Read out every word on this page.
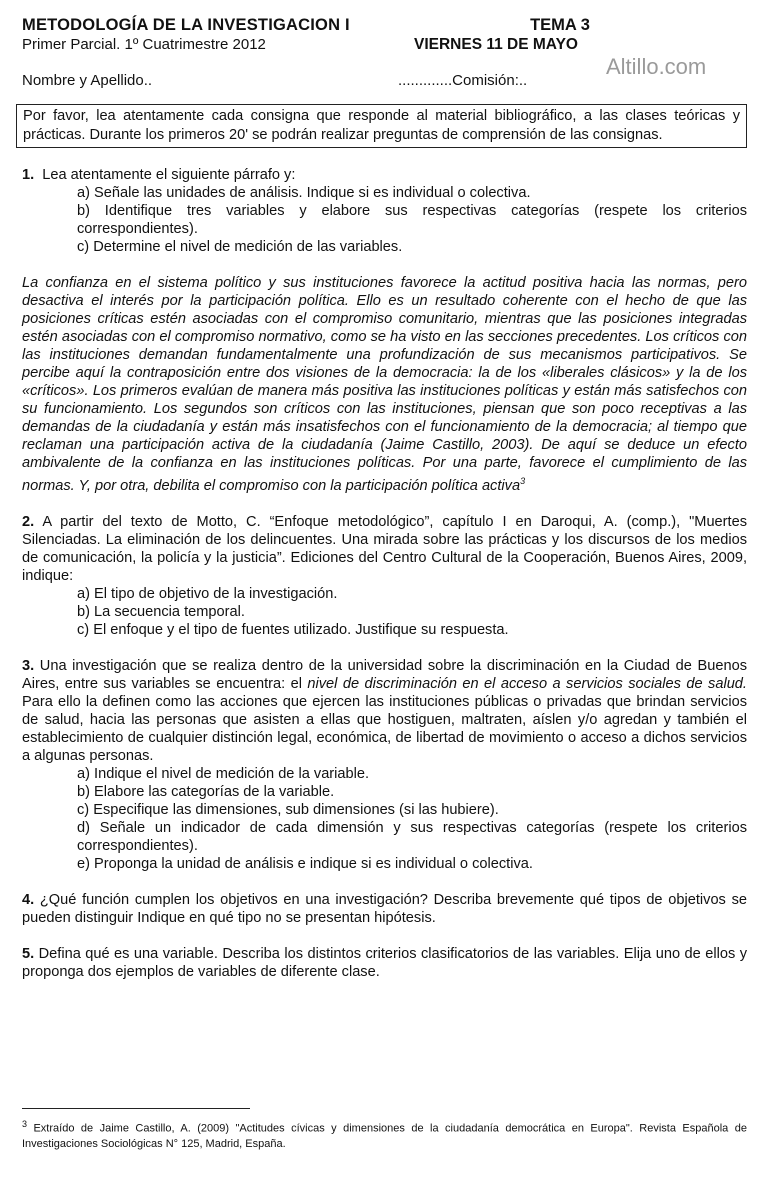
METODOLOGÍA DE LA INVESTIGACION I
Primer Parcial. 1º Cuatrimestre 2012
TEMA 3
VIERNES 11 DE MAYO
Altillo.com
Nombre y Apellido..	.............Comisión:..
Por favor, lea atentamente cada consigna que responde al material bibliográfico, a las clases teóricas y prácticas. Durante los primeros 20' se podrán realizar preguntas de comprensión de las consignas.

1. Lea atentamente el siguiente párrafo y:

a) Señale las unidades de análisis. Indique si es individual o colectiva.

b) Identifique tres variables y elabore sus respectivas categorías (respete los criterios correspondientes).

c) Determine el nivel de medición de las variables.

La confianza en el sistema político y sus instituciones favorece la actitud positiva hacia las normas, pero desactiva el interés por la participación política. Ello es un resultado coherente con el hecho de que las posiciones críticas estén asociadas con el compromiso comunitario, mientras que las posiciones integradas estén asociadas con el compromiso normativo, como se ha visto en las secciones precedentes. Los críticos con las instituciones demandan fundamentalmente una profundización de sus mecanismos participativos. Se percibe aquí la contraposición entre dos visiones de la democracia: la de los «liberales clásicos» y la de los «críticos». Los primeros evalúan de manera más positiva las instituciones políticas y están más satisfechos con su funcionamiento. Los segundos son críticos con las instituciones, piensan que son poco receptivas a las demandas de la ciudadanía y están más insatisfechos con el funcionamiento de la democracia; al tiempo que reclaman una participación activa de la ciudadanía (Jaime Castillo, 2003). De aquí se deduce un efecto ambivalente de la confianza en las instituciones políticas. Por una parte, favorece el cumplimiento de las normas. Y, por otra, debilita el compromiso con la participación política activa$^3$

2. A partir del texto de Motto, C. “Enfoque metodológico”, capítulo I en Daroqui, A. (comp.), "Muertes Silenciadas. La eliminación de los delincuentes. Una mirada sobre las prácticas y los discursos de los medios de comunicación, la policía y la justicia”. Ediciones del Centro Cultural de la Cooperación, Buenos Aires, 2009, indique:

a) El tipo de objetivo de la investigación.

b) La secuencia temporal.

c) El enfoque y el tipo de fuentes utilizado. Justifique su respuesta.

3. Una investigación que se realiza dentro de la universidad sobre la discriminación en la Ciudad de Buenos Aires, entre sus variables se encuentra: el nivel de discriminación en el acceso a servicios sociales de salud. Para ello la definen como las acciones que ejercen las instituciones públicas o privadas que brindan servicios de salud, hacia las personas que asisten a ellas que hostiguen, maltraten, aíslen y/o agredan y también el establecimiento de cualquier distinción legal, económica, de libertad de movimiento o acceso a dichos servicios a algunas personas.

a) Indique el nivel de medición de la variable.

b) Elabore las categorías de la variable.

c) Especifique las dimensiones, sub dimensiones (si las hubiere).

d) Señale un indicador de cada dimensión y sus respectivas categorías (respete los criterios correspondientes).

e) Proponga la unidad de análisis e indique si es individual o colectiva.

4. ¿Qué función cumplen los objetivos en una investigación? Describa brevemente qué tipos de objetivos se pueden distinguir Indique en qué tipo no se presentan hipótesis.

5. Defina qué es una variable. Describa los distintos criterios clasificatorios de las variables. Elija uno de ellos y proponga dos ejemplos de variables de diferente clase.

$^3$ Extraído de Jaime Castillo, A. (2009) "Actitudes cívicas y dimensiones de la ciudadanía democrática en Europa". Revista Española de Investigaciones Sociológicas N° 125, Madrid, España.
